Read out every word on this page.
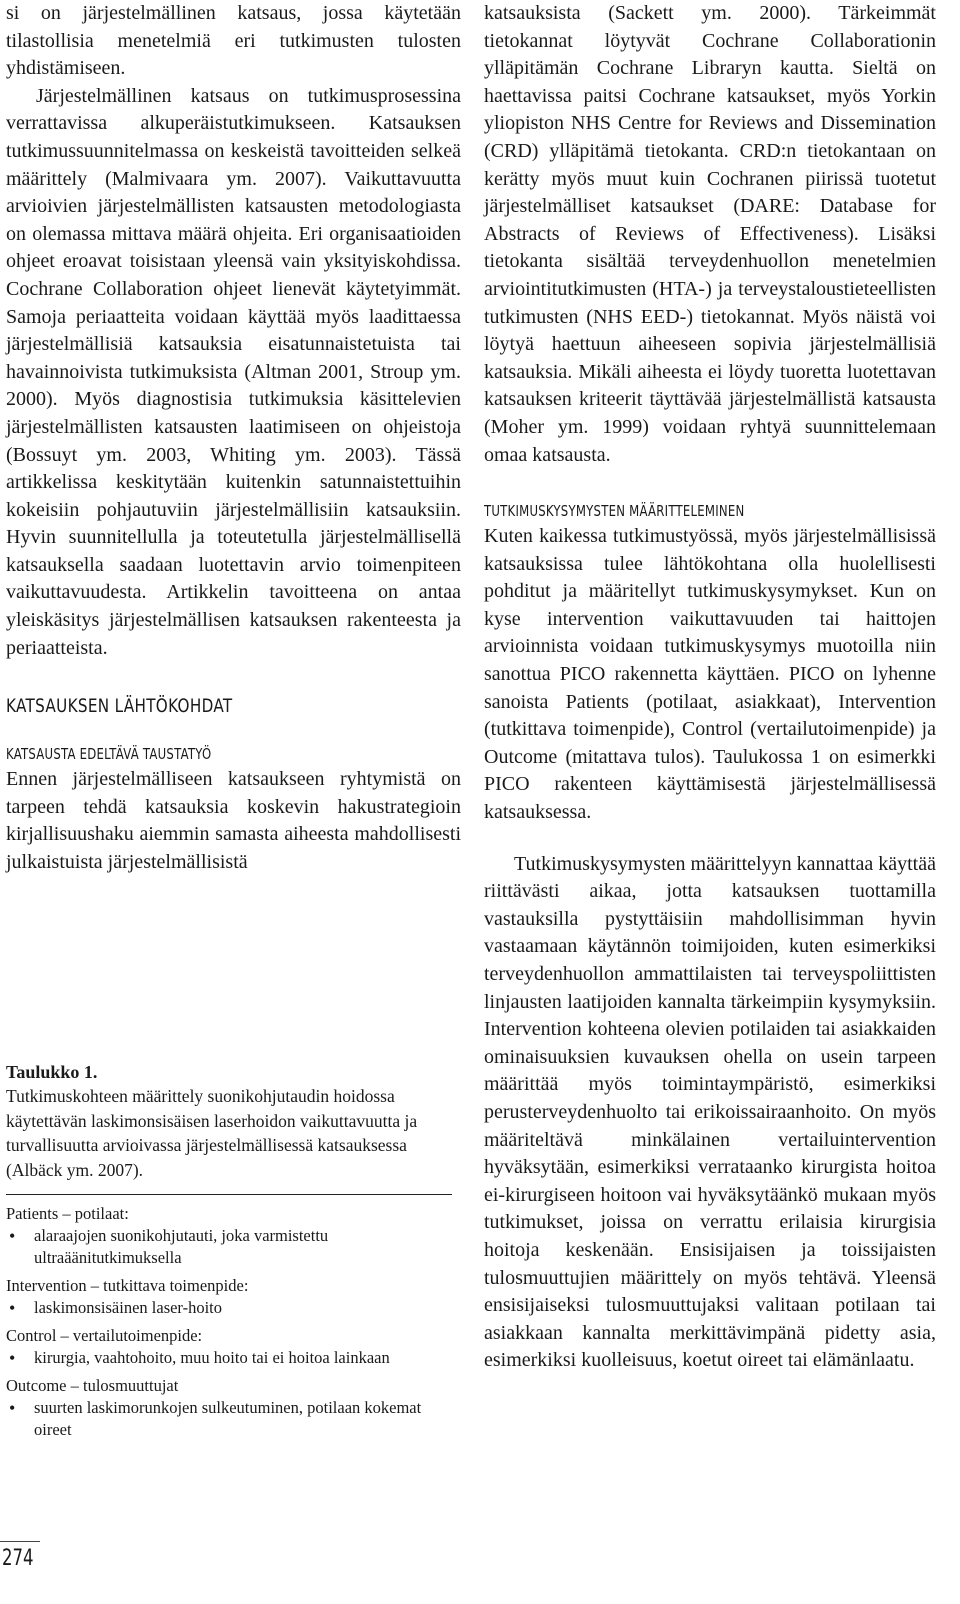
si on järjestelmällinen katsaus, jossa käytetään tilastollisia menetelmiä eri tutkimusten tulosten yhdistämiseen.

Järjestelmällinen katsaus on tutkimusprosessina verrattavissa alkuperäistutkimukseen. Katsauksen tutkimussuunnitelmassa on keskeistä tavoitteiden selkeä määrittely (Malmivaara ym. 2007). Vaikuttavuutta arvioivien järjestelmällisten katsausten metodologiasta on olemassa mittava määrä ohjeita. Eri organisaatioiden ohjeet eroavat toisistaan yleensä vain yksityiskohdissa. Cochrane Collaboration ohjeet lienevät käytetyimmät. Samoja periaatteita voidaan käyttää myös laadittaessa järjestelmällisiä katsauksia eisatunnaistetuista tai havainnoivista tutkimuksista (Altman 2001, Stroup ym. 2000). Myös diagnostisia tutkimuksia käsittelevien järjestelmällisten katsausten laatimiseen on ohjeistoja (Bossuyt ym. 2003, Whiting ym. 2003). Tässä artikkelissa keskitytään kuitenkin satunnaistettuihin kokeisiin pohjautuviin järjestelmällisiin katsauksiin. Hyvin suunnitellulla ja toteutetulla järjestelmällisellä katsauksella saadaan luotettavin arvio toimenpiteen vaikuttavuudesta. Artikkelin tavoitteena on antaa yleiskäsitys järjestelmällisen katsauksen rakenteesta ja periaatteista.

KATSAUKSEN LÄHTÖKOHDAT

KATSAUSTA EDELTÄVÄ TAUSTATYÖ

Ennen järjestelmälliseen katsaukseen ryhtymistä on tarpeen tehdä katsauksia koskevin hakustrategioin kirjallisuushaku aiemmin samasta aiheesta mahdollisesti julkaistuista järjestelmällisistä

Taulukko 1.

Tutkimuskohteen määrittely suonikohjutaudin hoidossa käytettävän laskimonsisäisen laserhoidon vaikuttavuutta ja turvallisuutta arvioivassa järjestelmällisessä katsauksessa (Albäck ym. 2007).

Patients – potilaat:

• alaraajojen suonikohjutauti, joka varmistettu ultraäänitutkimuksella

Intervention – tutkittava toimenpide:

• laskimonsisäinen laser-hoito

Control – vertailutoimenpide:

• kirurgia, vaahtohoito, muu hoito tai ei hoitoa lainkaan

Outcome – tulosmuuttujat

• suurten laskimorunkojen sulkeutuminen, potilaan kokemat oireet

katsauksista (Sackett ym. 2000). Tärkeimmät tietokannat löytyvät Cochrane Collaborationin ylläpitämän Cochrane Libraryn kautta. Sieltä on haettavissa paitsi Cochrane katsaukset, myös Yorkin yliopiston NHS Centre for Reviews and Dissemination (CRD) ylläpitämä tietokanta. CRD:n tietokantaan on kerätty myös muut kuin Cochranen piirissä tuotetut järjestelmälliset katsaukset (DARE: Database for Abstracts of Reviews of Effectiveness). Lisäksi tietokanta sisältää terveydenhuollon menetelmien arviointitutkimusten (HTA-) ja terveystaloustieteellisten tutkimusten (NHS EED-) tietokannat. Myös näistä voi löytyä haettuun aiheeseen sopivia järjestelmällisiä katsauksia. Mikäli aiheesta ei löydy tuoretta luotettavan katsauksen kriteerit täyttävää järjestelmällistä katsausta (Moher ym. 1999) voidaan ryhtyä suunnittelemaan omaa katsausta.

TUTKIMUSKYSYMYSTEN MÄÄRITTELEMINEN

Kuten kaikessa tutkimustyössä, myös järjestelmällisissä katsauksissa tulee lähtökohtana olla huolellisesti pohditut ja määritellyt tutkimuskysymykset. Kun on kyse intervention vaikuttavuuden tai haittojen arvioinnista voidaan tutkimuskysymys muotoilla niin sanottua PICO rakennetta käyttäen. PICO on lyhenne sanoista Patients (potilaat, asiakkaat), Intervention (tutkittava toimenpide), Control (vertailutoimenpide) ja Outcome (mitattava tulos). Taulukossa 1 on esimerkki PICO rakenteen käyttämisestä järjestelmällisessä katsauksessa.

Tutkimuskysymysten määrittelyyn kannattaa käyttää riittävästi aikaa, jotta katsauksen tuottamilla vastauksilla pystyttäisiin mahdollisimman hyvin vastaamaan käytännön toimijoiden, kuten esimerkiksi terveydenhuollon ammattilaisten tai terveyspoliittisten linjausten laatijoiden kannalta tärkeimpiin kysymyksiin. Intervention kohteena olevien potilaiden tai asiakkaiden ominaisuuksien kuvauksen ohella on usein tarpeen määrittää myös toimintaympäristö, esimerkiksi perusterveydenhuolto tai erikoissairaanhoito. On myös määriteltävä minkälainen vertailuintervention hyväksytään, esimerkiksi verrataanko kirurgista hoitoa ei-kirurgiseen hoitoon vai hyväksytäänkö mukaan myös tutkimukset, joissa on verrattu erilaisia kirurgisia hoitoja keskenään. Ensisijaisen ja toissijaisten tulosmuuttujien määrittely on myös tehtävä. Yleensä ensisijaiseksi tulosmuuttujaksi valitaan potilaan tai asiakkaan kannalta merkittävimpänä pidetty asia, esimerkiksi kuolleisuus, koetut oireet tai elämänlaatu.

274
